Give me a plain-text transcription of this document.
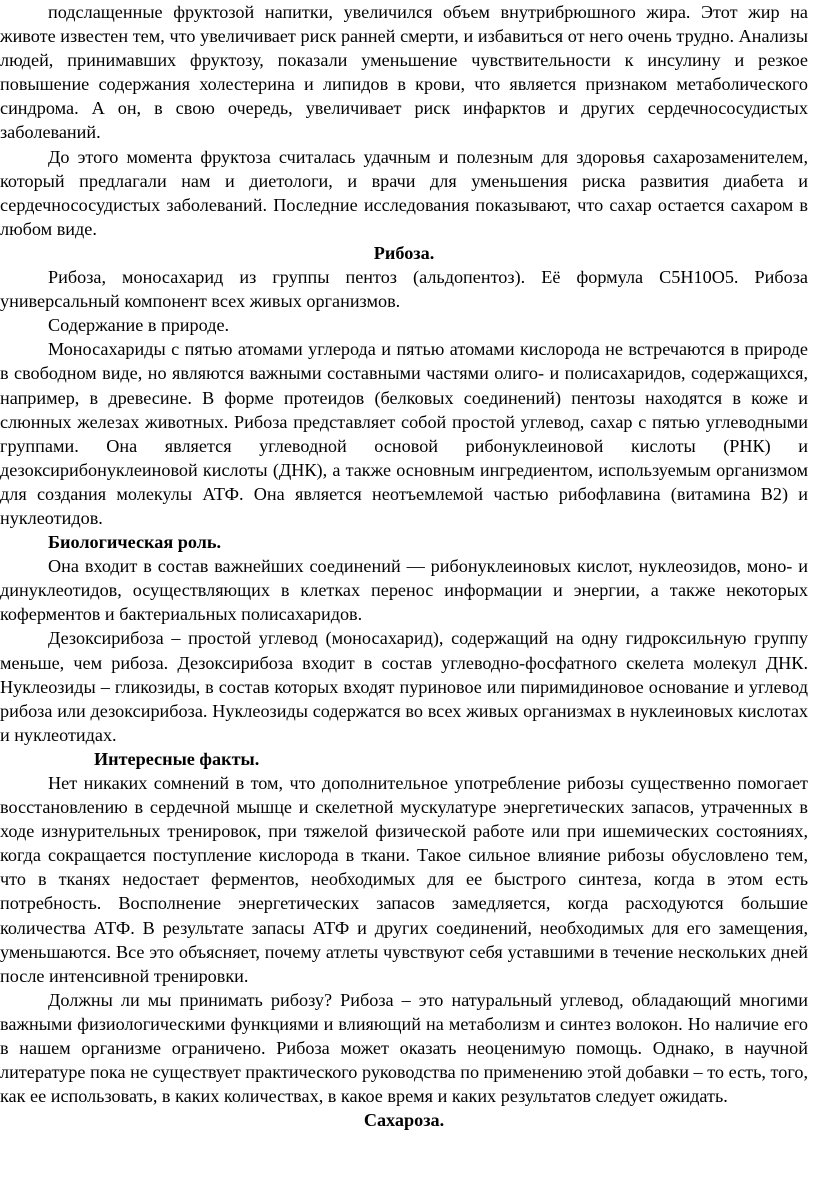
подслащенные фруктозой напитки, увеличился объем внутрибрюшного жира. Этот жир на животе известен тем, что увеличивает риск ранней смерти, и избавиться от него очень трудно. Анализы людей, принимавших фруктозу, показали уменьшение чувствительности к инсулину и резкое повышение содержания холестерина и липидов в крови, что является признаком метаболического синдрома. А он, в свою очередь, увеличивает риск инфарктов и других сердечнососудистых заболеваний.

До этого момента фруктоза считалась удачным и полезным для здоровья сахарозаменителем, который предлагали нам и диетологи, и врачи для уменьшения риска развития диабета и сердечнососудистых заболеваний. Последние исследования показывают, что сахар остается сахаром в любом виде.

Рибоза.

Рибоза, моносахарид из группы пентоз (альдопентоз). Её формула C5H10O5. Рибоза универсальный компонент всех живых организмов.

Содержание в природе.

Моносахариды с пятью атомами углерода и пятью атомами кислорода не встречаются в природе в свободном виде, но являются важными составными частями олиго- и полисахаридов, содержащихся, например, в древесине. В форме протеидов (белковых соединений) пентозы находятся в коже и слюнных железах животных. Рибоза представляет собой простой углевод, сахар с пятью углеводными группами. Она является углеводной основой рибонуклеиновой кислоты (РНК) и дезоксирибонуклеиновой кислоты (ДНК), а также основным ингредиентом, используемым организмом для создания молекулы АТФ. Она является неотъемлемой частью рибофлавина (витамина B2) и нуклеотидов.

Биологическая роль.

Она входит в состав важнейших соединений — рибонуклеиновых кислот, нуклеозидов, моно- и динуклеотидов, осуществляющих в клетках перенос информации и энергии, а также некоторых коферментов и бактериальных полисахаридов.

Дезоксирибоза – простой углевод (моносахарид), содержащий на одну гидроксильную группу меньше, чем рибоза. Дезоксирибоза входит в состав углеводно-фосфатного скелета молекул ДНК. Нуклеозиды – гликозиды, в состав которых входят пуриновое или пиримидиновое основание и углевод рибоза или дезоксирибоза. Нуклеозиды содержатся во всех живых организмах в нуклеиновых кислотах и нуклеотидах.

Интересные факты.

Нет никаких сомнений в том, что дополнительное употребление рибозы существенно помогает восстановлению в сердечной мышце и скелетной мускулатуре энергетических запасов, утраченных в ходе изнурительных тренировок, при тяжелой физической работе или при ишемических состояниях, когда сокращается поступление кислорода в ткани. Такое сильное влияние рибозы обусловлено тем, что в тканях недостает ферментов, необходимых для ее быстрого синтеза, когда в этом есть потребность. Восполнение энергетических запасов замедляется, когда расходуются большие количества АТФ. В результате запасы АТФ и других соединений, необходимых для его замещения, уменьшаются. Все это объясняет, почему атлеты чувствуют себя уставшими в течение нескольких дней после интенсивной тренировки.

Должны ли мы принимать рибозу? Рибоза – это натуральный углевод, обладающий многими важными физиологическими функциями и влияющий на метаболизм и синтез волокон. Но наличие его в нашем организме ограничено. Рибоза может оказать неоценимую помощь. Однако, в научной литературе пока не существует практического руководства по применению этой добавки – то есть, того, как ее использовать, в каких количествах, в какое время и каких результатов следует ожидать.

Сахароза.
